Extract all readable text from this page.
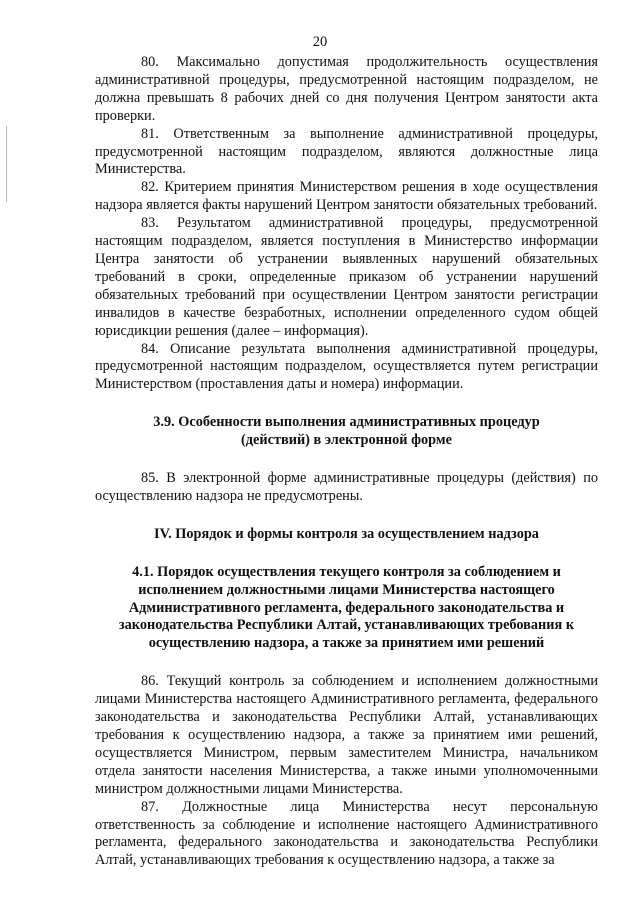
20

80. Максимально допустимая продолжительность осуществления административной процедуры, предусмотренной настоящим подразделом, не должна превышать 8 рабочих дней со дня получения Центром занятости акта проверки.

81. Ответственным за выполнение административной процедуры, предусмотренной настоящим подразделом, являются должностные лица Министерства.

82. Критерием принятия Министерством решения в ходе осуществления надзора является факты нарушений Центром занятости обязательных требований.

83. Результатом административной процедуры, предусмотренной настоящим подразделом, является поступления в Министерство информации Центра занятости об устранении выявленных нарушений обязательных требований в сроки, определенные приказом об устранении нарушений обязательных требований при осуществлении Центром занятости регистрации инвалидов в качестве безработных, исполнении определенного судом общей юрисдикции решения (далее – информация).

84. Описание результата выполнения административной процедуры, предусмотренной настоящим подразделом, осуществляется путем регистрации Министерством (проставления даты и номера) информации.

3.9. Особенности выполнения административных процедур
(действий) в электронной форме

85. В электронной форме административные процедуры (действия) по осуществлению надзора не предусмотрены.

IV. Порядок и формы контроля за осуществлением надзора
4.1. Порядок осуществления текущего контроля за соблюдением и
исполнением должностными лицами Министерства настоящего
Административного регламента, федерального законодательства и
законодательства Республики Алтай, устанавливающих требования к
осуществлению надзора, а также за принятием ими решений

86. Текущий контроль за соблюдением и исполнением должностными лицами Министерства настоящего Административного регламента, федерального законодательства и законодательства Республики Алтай, устанавливающих требования к осуществлению надзора, а также за принятием ими решений, осуществляется Министром, первым заместителем Министра, начальником отдела занятости населения Министерства, а также иными уполномоченными министром должностными лицами Министерства.

87. Должностные лица Министерства несут персональную ответственность за соблюдение и исполнение настоящего Административного регламента, федерального законодательства и законодательства Республики Алтай, устанавливающих требования к осуществлению надзора, а также за
